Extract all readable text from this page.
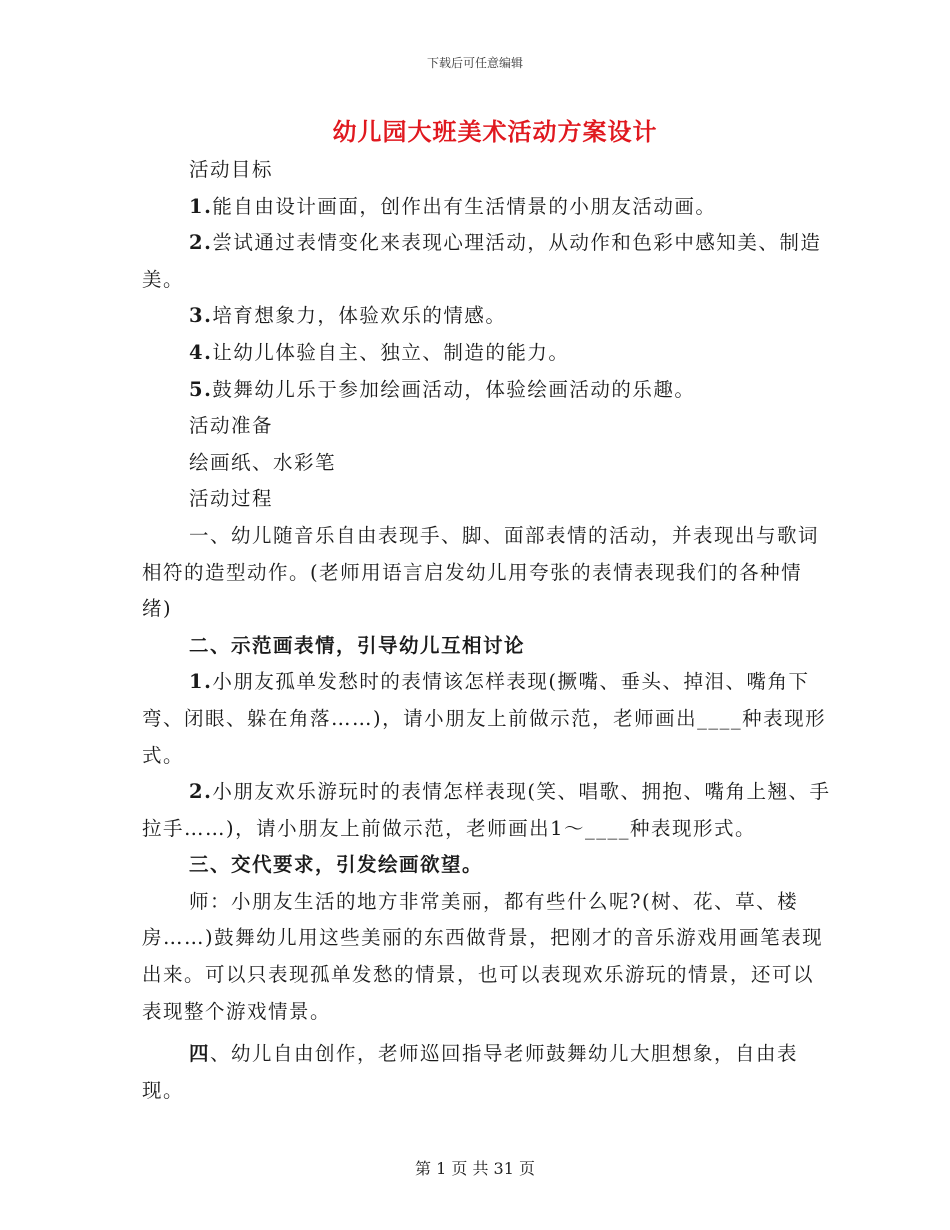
下载后可任意编辑
幼儿园大班美术活动方案设计

活动目标

1.能自由设计画面，创作出有生活情景的小朋友活动画。

2.尝试通过表情变化来表现心理活动，从动作和色彩中感知美、制造美。

3.培育想象力，体验欢乐的情感。

4.让幼儿体验自主、独立、制造的能力。

5.鼓舞幼儿乐于参加绘画活动，体验绘画活动的乐趣。

活动准备

绘画纸、水彩笔

活动过程

一、幼儿随音乐自由表现手、脚、面部表情的活动，并表现出与歌词相符的造型动作。(老师用语言启发幼儿用夸张的表情表现我们的各种情绪)

二、示范画表情，引导幼儿互相讨论

1.小朋友孤单发愁时的表情该怎样表现(撅嘴、垂头、掉泪、嘴角下弯、闭眼、躲在角落……)，请小朋友上前做示范，老师画出____种表现形式。

2.小朋友欢乐游玩时的表情怎样表现(笑、唱歌、拥抱、嘴角上翘、手拉手……)，请小朋友上前做示范，老师画出1～____种表现形式。

三、交代要求，引发绘画欲望。

师：小朋友生活的地方非常美丽，都有些什么呢?(树、花、草、楼房……)鼓舞幼儿用这些美丽的东西做背景，把刚才的音乐游戏用画笔表现出来。可以只表现孤单发愁的情景，也可以表现欢乐游玩的情景，还可以表现整个游戏情景。

四、幼儿自由创作，老师巡回指导老师鼓舞幼儿大胆想象，自由表现。

第 1 页 共 31 页
